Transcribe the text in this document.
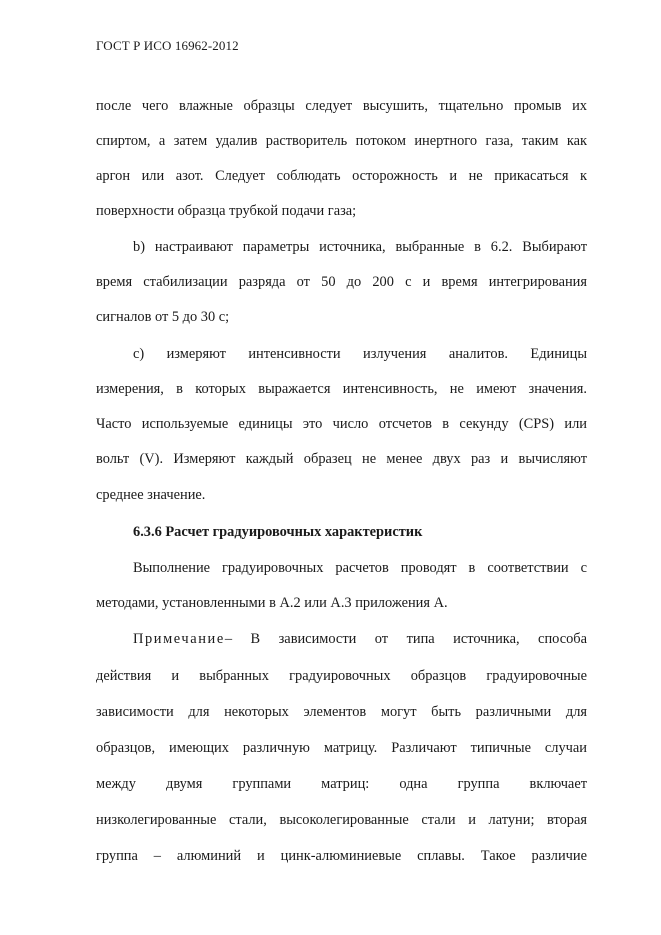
ГОСТ Р ИСО 16962-2012
после чего влажные образцы следует высушить, тщательно промыв их
спиртом, а затем удалив растворитель потоком инертного газа, таким как
аргон или азот. Следует соблюдать осторожность и не прикасаться к
поверхности образца трубкой подачи газа;
b) настраивают параметры источника, выбранные в 6.2. Выбирают
время стабилизации разряда от 50 до 200 с и время интегрирования
сигналов от 5 до 30 с;
с) измеряют интенсивности излучения аналитов. Единицы
измерения, в которых выражается интенсивность, не имеют значения.
Часто используемые единицы это число отсчетов в секунду (CPS) или
вольт (V). Измеряют каждый образец не менее двух раз и вычисляют
среднее значение.
6.3.6 Расчет градуировочных характеристик
Выполнение градуировочных расчетов проводят в соответствии с
методами, установленными в А.2 или А.3 приложения А.
Примечание – В зависимости от типа источника, способа
действия и выбранных градуировочных образцов градуировочные
зависимости для некоторых элементов могут быть различными для
образцов, имеющих различную матрицу. Различают типичные случаи
между двумя группами матриц: одна группа включает
низколегированные стали, высоколегированные стали и латуни; вторая
группа – алюминий и цинк-алюминиевые сплавы. Такое различие
